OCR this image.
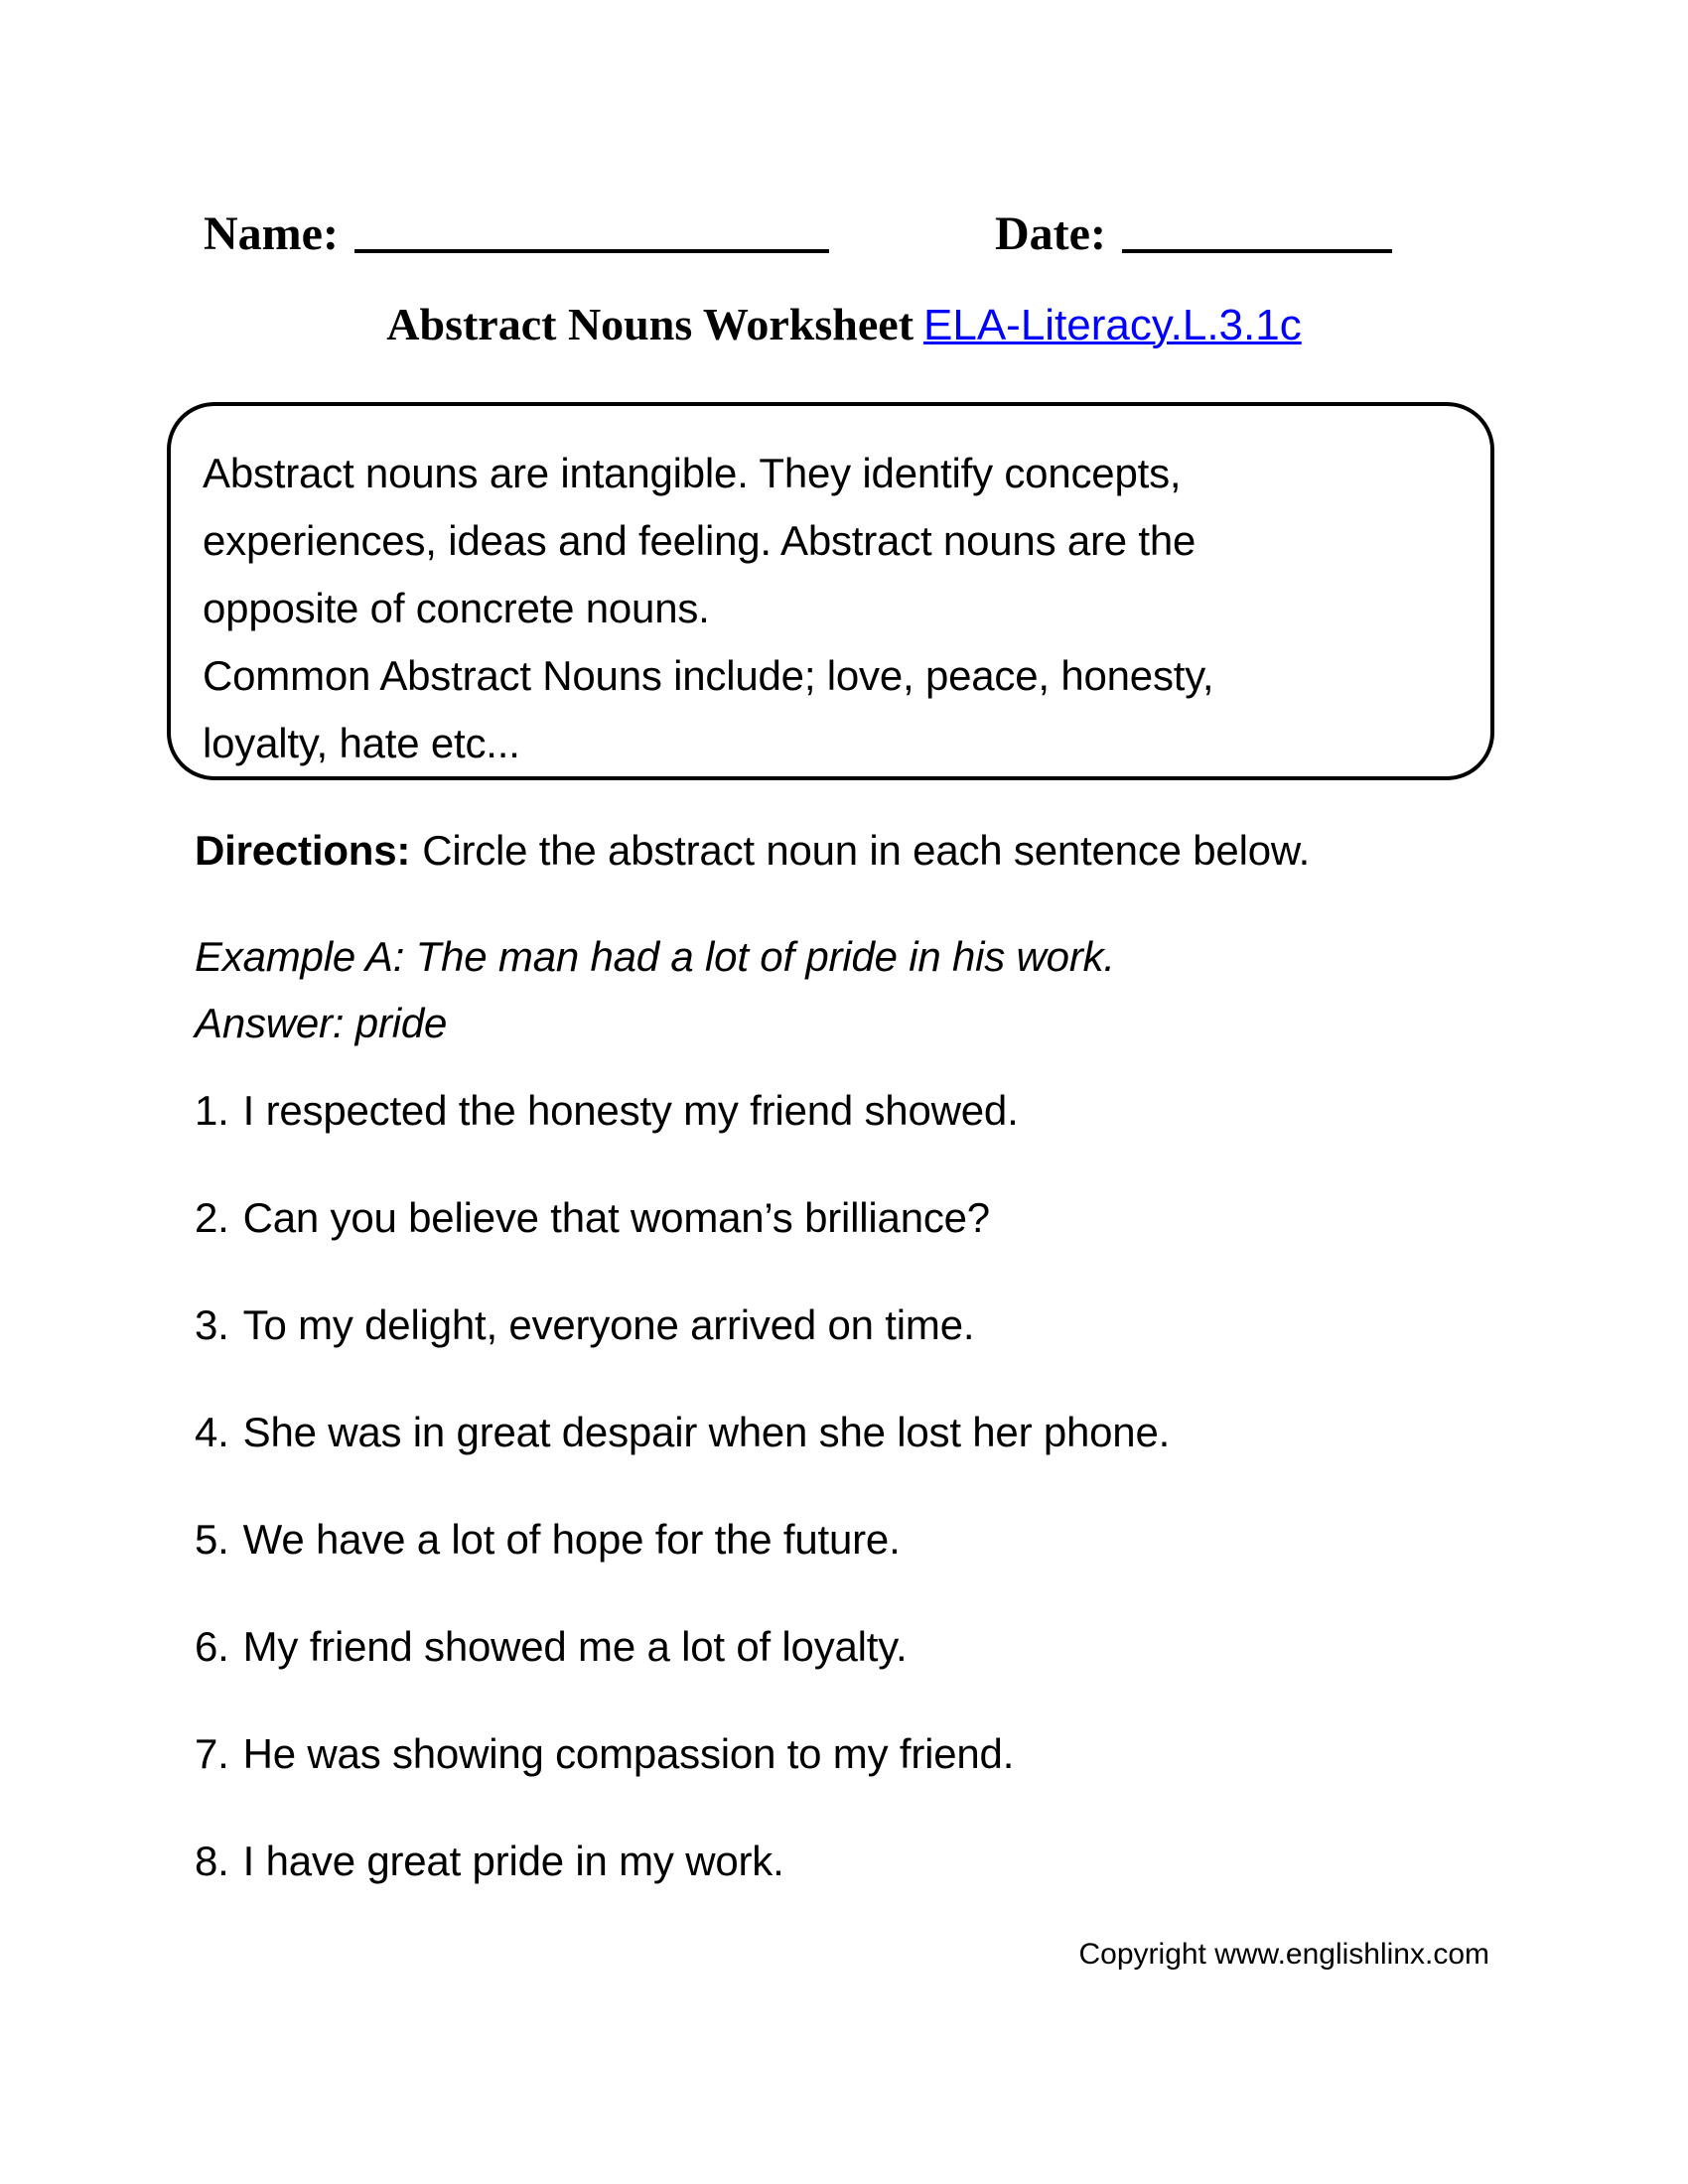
Name:	Date:
Abstract Nouns Worksheet ELA-Literacy.L.3.1c
Abstract nouns are intangible. They identify concepts,
experiences, ideas and feeling. Abstract nouns are the
opposite of concrete nouns.
Common Abstract Nouns include; love, peace, honesty,
loyalty, hate etc...
Directions: Circle the abstract noun in each sentence below.
Example A: The man had a lot of pride in his work.
Answer: pride
1. I respected the honesty my friend showed.
2. Can you believe that woman’s brilliance?
3. To my delight, everyone arrived on time.
4. She was in great despair when she lost her phone.
5. We have a lot of hope for the future.
6. My friend showed me a lot of loyalty.
7. He was showing compassion to my friend.
8. I have great pride in my work.
Copyright www.englishlinx.com
